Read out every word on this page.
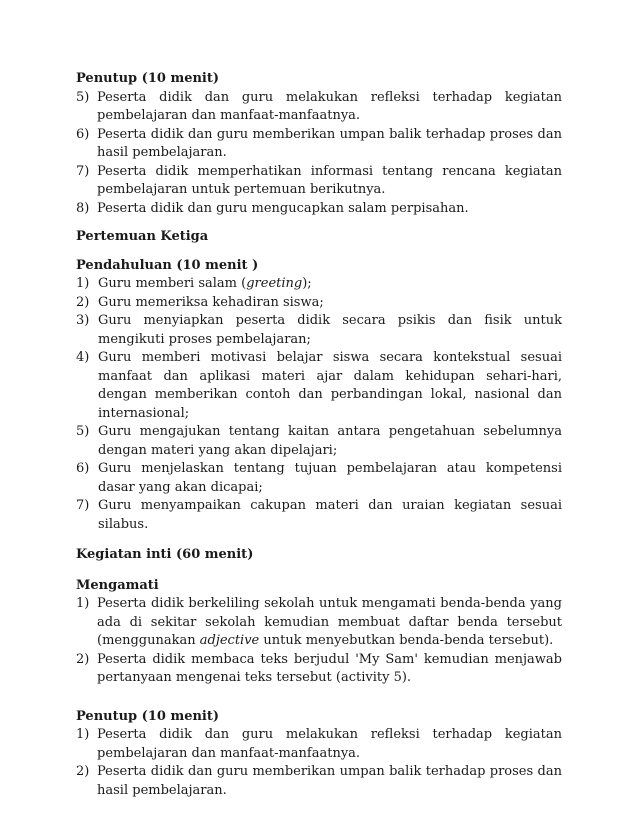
Penutup (10 menit)

5) Peserta didik dan guru melakukan refleksi terhadap kegiatan pembelajaran dan manfaat-manfaatnya.
6) Peserta didik dan guru memberikan umpan balik terhadap proses dan hasil pembelajaran.
7) Peserta didik memperhatikan informasi tentang rencana kegiatan pembelajaran untuk pertemuan berikutnya.
8) Peserta didik dan guru mengucapkan salam perpisahan.

Pertemuan Ketiga

Pendahuluan (10 menit )

1) Guru memberi salam (greeting);
2) Guru memeriksa kehadiran siswa;
3) Guru menyiapkan peserta didik secara psikis dan fisik untuk mengikuti proses pembelajaran;
4) Guru memberi motivasi belajar siswa secara kontekstual sesuai manfaat dan aplikasi materi ajar dalam kehidupan sehari-hari, dengan memberikan contoh dan perbandingan lokal, nasional dan internasional;
5) Guru mengajukan tentang kaitan antara pengetahuan sebelumnya dengan materi yang akan dipelajari;
6) Guru menjelaskan tentang tujuan pembelajaran atau kompetensi dasar yang akan dicapai;
7) Guru menyampaikan cakupan materi dan uraian kegiatan sesuai silabus.

Kegiatan inti (60 menit)

Mengamati

1) Peserta didik berkeliling sekolah untuk mengamati benda-benda yang ada di sekitar sekolah kemudian membuat daftar benda tersebut (menggunakan adjective untuk menyebutkan benda-benda tersebut).
2) Peserta didik membaca teks berjudul 'My Sam' kemudian menjawab pertanyaan mengenai teks tersebut (activity 5).

Penutup (10 menit)

1) Peserta didik dan guru melakukan refleksi terhadap kegiatan pembelajaran dan manfaat-manfaatnya.
2) Peserta didik dan guru memberikan umpan balik terhadap proses dan hasil pembelajaran.
